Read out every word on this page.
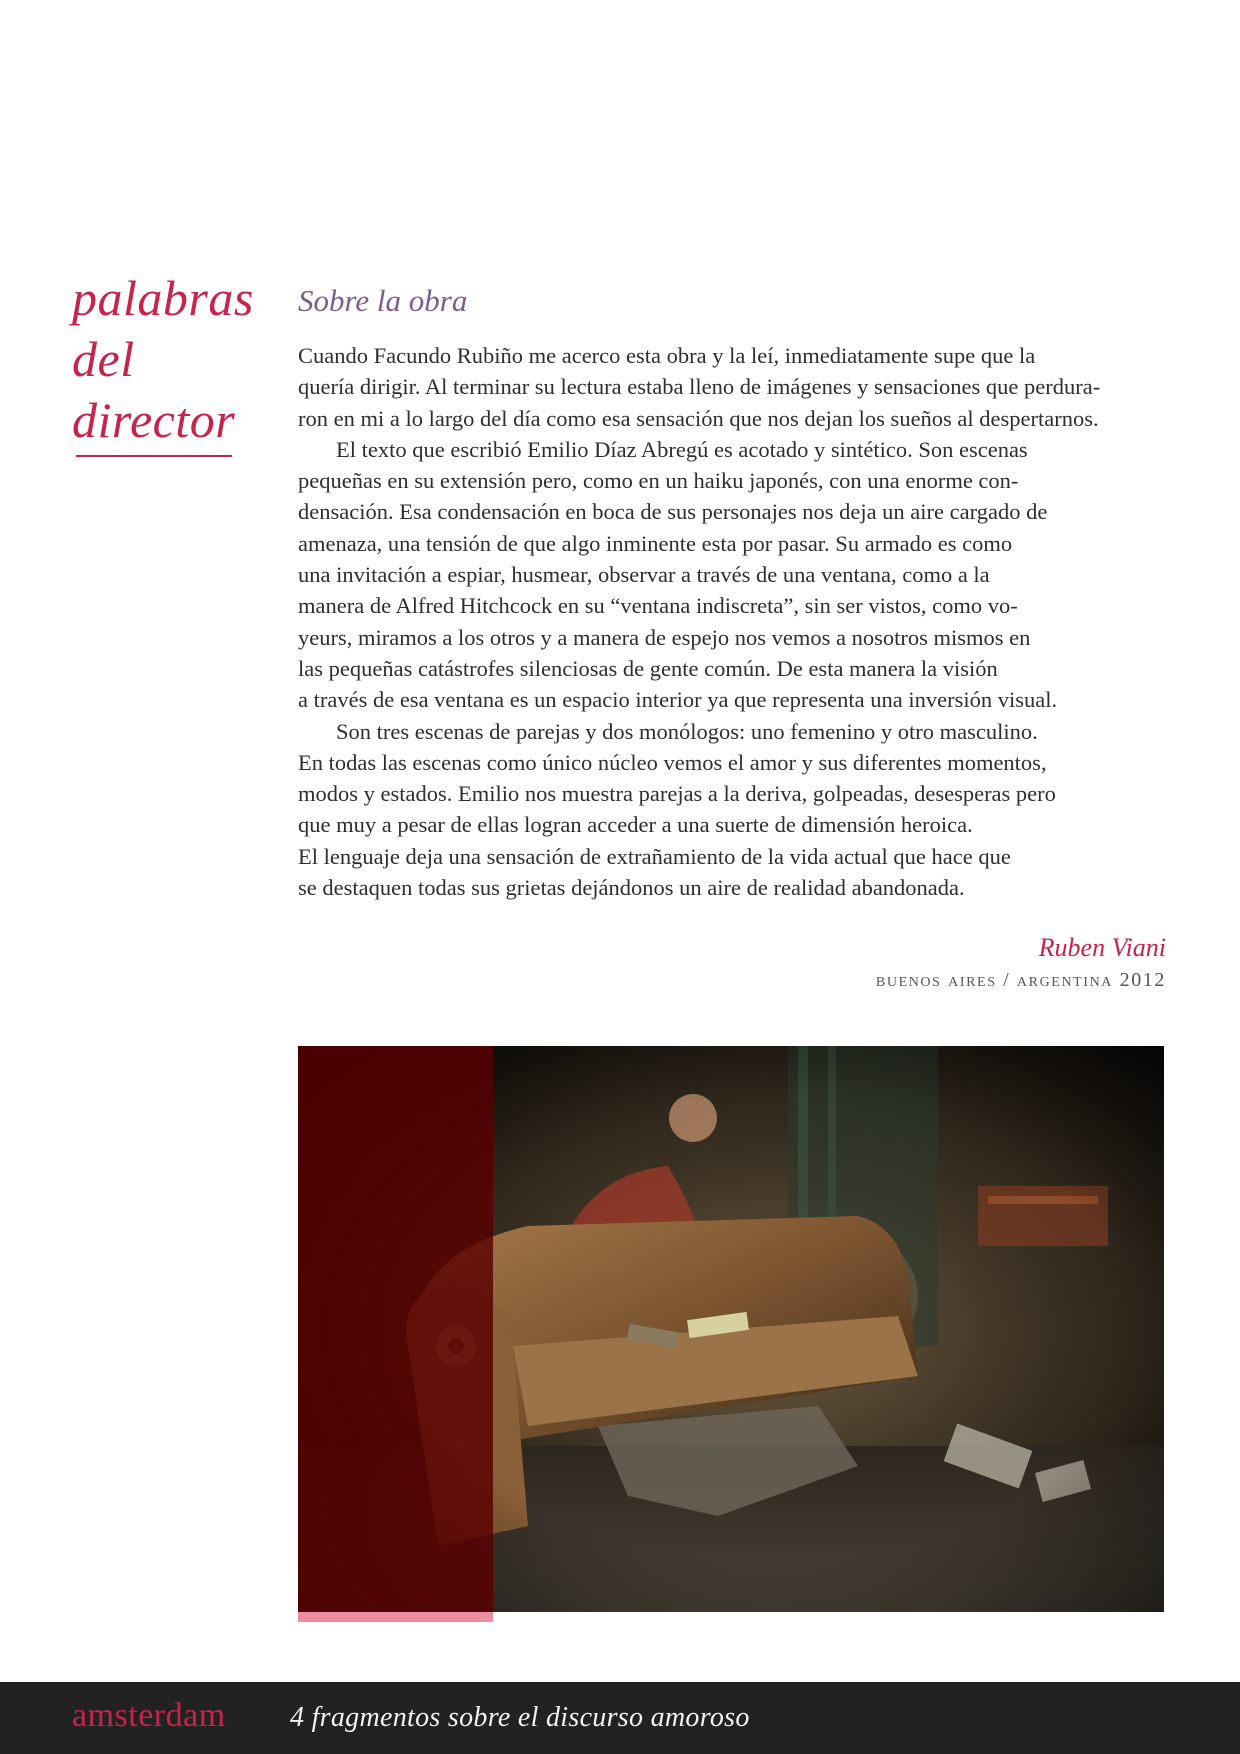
palabras
del
director
Sobre la obra
Cuando Facundo Rubiño me acerco esta obra y la leí, inmediatamente supe que la
quería dirigir. Al terminar su lectura estaba lleno de imágenes y sensaciones que perdura-
ron en mi a lo largo del día como esa sensación que nos dejan los sueños al despertarnos.
El texto que escribió Emilio Díaz Abregú es acotado y sintético. Son escenas
pequeñas en su extensión pero, como en un haiku japonés, con una enorme con-
densación. Esa condensación en boca de sus personajes nos deja un aire cargado de
amenaza, una tensión de que algo inminente esta por pasar. Su armado es como
una invitación a espiar, husmear, observar a través de una ventana, como a la
manera de Alfred Hitchcock en su “ventana indiscreta”, sin ser vistos, como vo-
yeurs, miramos a los otros y a manera de espejo nos vemos a nosotros mismos en
las pequeñas catástrofes silenciosas de gente común. De esta manera la visión
a través de esa ventana es un espacio interior ya que representa una inversión visual.
Son tres escenas de parejas y dos monólogos: uno femenino y otro masculino.
En todas las escenas como único núcleo vemos el amor y sus diferentes momentos,
modos y estados. Emilio nos muestra parejas a la deriva, golpeadas, desesperas pero
que muy a pesar de ellas logran acceder a una suerte de dimensión heroica.
El lenguaje deja una sensación de extrañamiento de la vida actual que hace que
se destaquen todas sus grietas dejándonos un aire de realidad abandonada.
Ruben Viani
buenos aires / argentina 2012
amsterdam 4 fragmentos sobre el discurso amoroso
